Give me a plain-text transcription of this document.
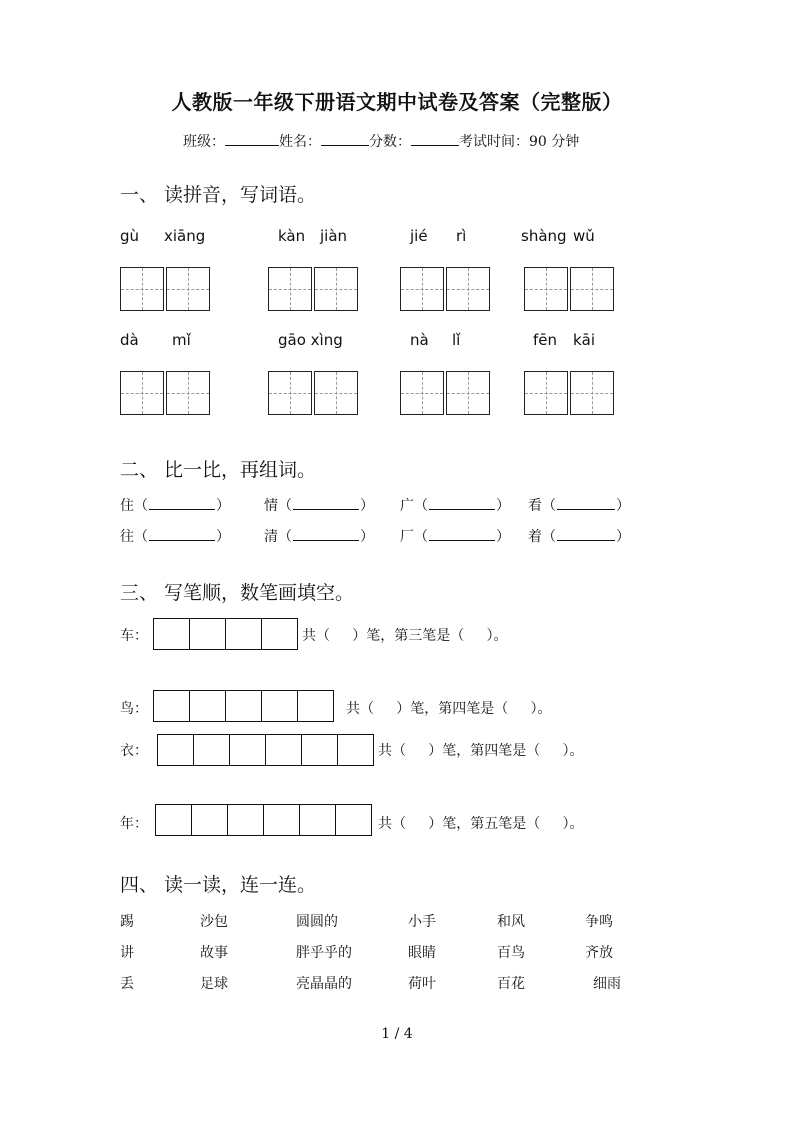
人教版一年级下册语文期中试卷及答案（完整版）
班级：	姓名：	分数：	考试时间：90 分钟
一、 读拼音，写词语。
gù xiāng	kàn jiàn	jié rì	shàng wǔ
dà mǐ	gāo xìng	nà lǐ	fēn kāi
二、 比一比，再组词。
住（	） 情（	） 广（	） 看（	）
往（	） 清（	） 厂（	） 着（	）
三、 写笔顺，数笔画填空。
车：	共（     ）笔，第三笔是（     ）。
鸟：	共（     ）笔，第四笔是（     ）。
衣：	共（     ）笔，第四笔是（     ）。
年：	共（     ）笔，第五笔是（     ）。
四、 读一读，连一连。
踢	沙包	圆圆的	小手	和风	争鸣
讲	故事	胖乎乎的	眼睛	百鸟	齐放
丢	足球	亮晶晶的	荷叶	百花	细雨
1 / 4
